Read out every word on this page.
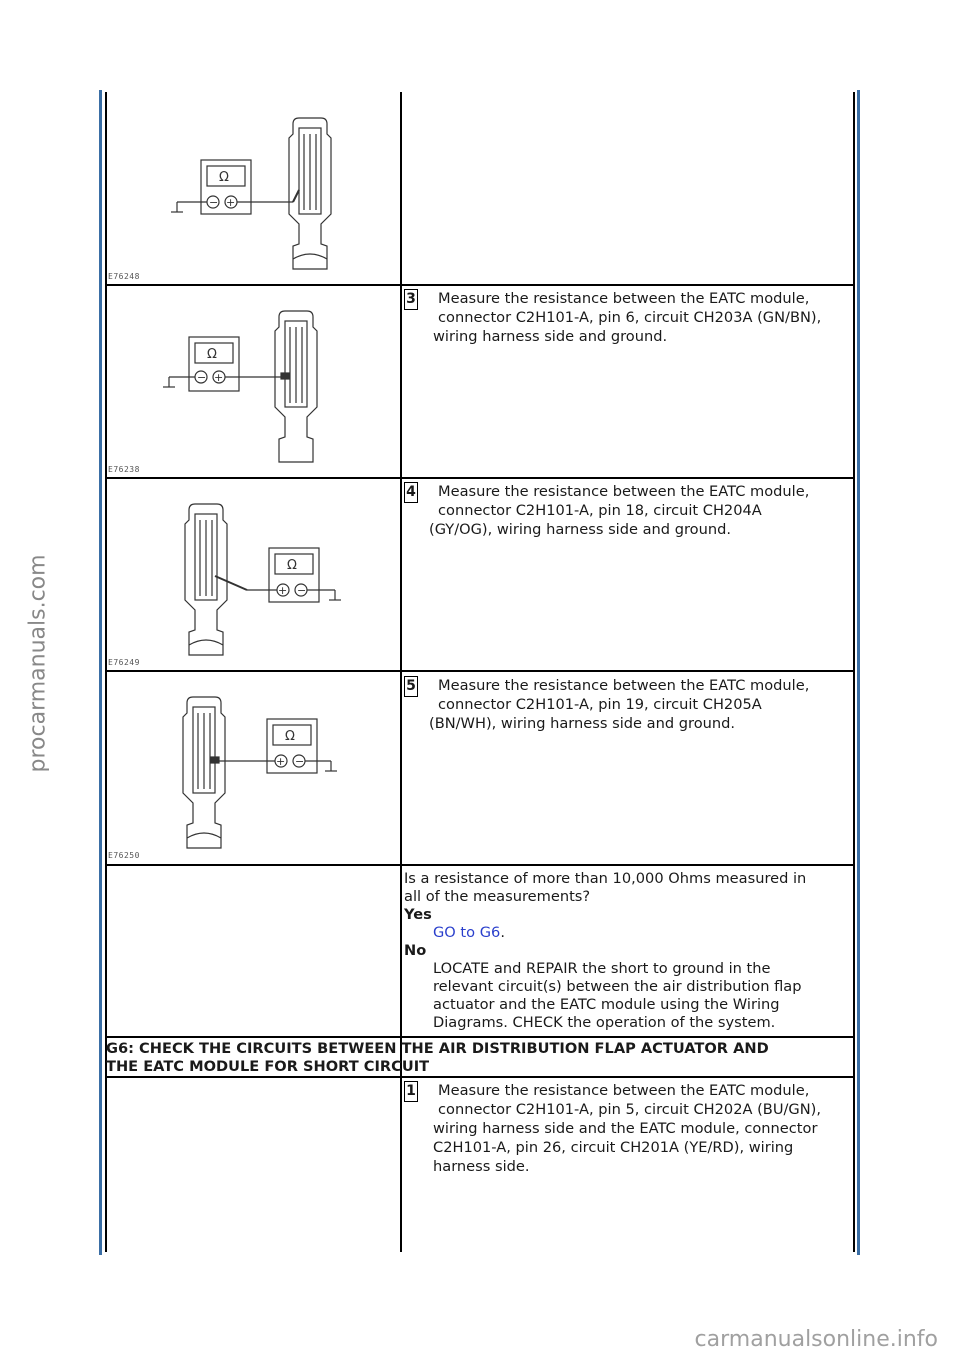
procarmanuals.com
carmanualsonline.info
Ω
− +
E76248
Ω
− +
E76238
Ω
+ −
E76249
Ω
+ −
E76250
3 Measure the resistance between the EATC module,
connector C2H101-A, pin 6, circuit CH203A (GN/BN),
wiring harness side and ground.
4 Measure the resistance between the EATC module,
connector C2H101-A, pin 18, circuit CH204A
(GY/OG), wiring harness side and ground.
5 Measure the resistance between the EATC module,
connector C2H101-A, pin 19, circuit CH205A
(BN/WH), wiring harness side and ground.
Is a resistance of more than 10,000 Ohms measured in
all of the measurements?
Yes
GO to G6.
No
LOCATE and REPAIR the short to ground in the
relevant circuit(s) between the air distribution flap
actuator and the EATC module using the Wiring
Diagrams. CHECK the operation of the system.
G6: CHECK THE CIRCUITS BETWEEN THE AIR DISTRIBUTION FLAP ACTUATOR AND
THE EATC MODULE FOR SHORT CIRCUIT
1 Measure the resistance between the EATC module,
connector C2H101-A, pin 5, circuit CH202A (BU/GN),
wiring harness side and the EATC module, connector
C2H101-A, pin 26, circuit CH201A (YE/RD), wiring
harness side.
